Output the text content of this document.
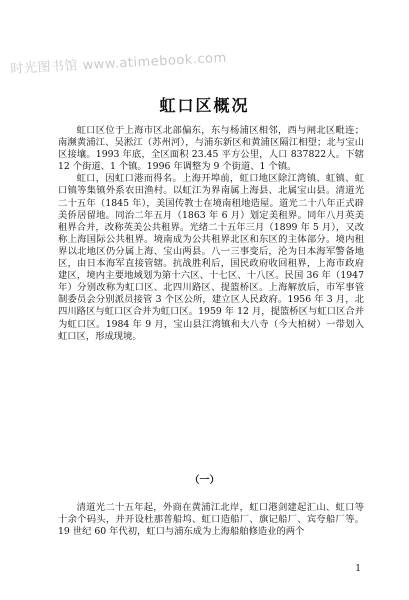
时光图书馆 www.atimebook.com
虹口区概况

虹口区位于上海市区北部偏东，东与杨浦区相邻，西与闸北区毗连；南濒黄浦江、吴淞江（苏州河），与浦东新区和黄浦区隔江相望；北与宝山区接壤。1993 年底，全区面积 23.45 平方公里，人口 837822人。下辖 12 个街道、1 个镇。1996 年调整为 9 个街道、1 个镇。

虹口，因虹口港而得名。上海开埠前，虹口地区除江湾镇、虹镇、虹口镇等集镇外系农田渔村。以虹江为界南属上海县、北属宝山县。清道光二十五年（1845 年），美国传教士在境南租地造屋。道光二十八年正式辟美侨居留地。同治二年五月（1863 年 6 月）划定美租界。同年八月英美租界合并，改称英美公共租界。光绪二十五年三月（1899 年 5 月），又改称上海国际公共租界。境南成为公共租界北区和东区的主体部分。境内租界以北地区仍分属上海、宝山两县。八一三事变后，沦为日本海军警备地区，由日本海军直接管辖。抗战胜利后，国民政府收回租界，上海市政府建区，境内主要地域划为第十六区、十七区、十八区。民国 36 年（1947 年）分别改称为虹口区、北四川路区、提篮桥区。上海解放后，市军事管制委员会分别派员接管 3 个区公所，建立区人民政府。1956 年 3 月，北四川路区与虹口区合并为虹口区。1959 年 12 月，提篮桥区与虹口区合并为虹口区。1984 年 9 月，宝山县江湾镇和大八寺（今大柏树）一带划入虹口区，形成现境。

（一）

清道光二十五年起，外商在黄浦江北岸，虹口港剑建起汇山、虹口等十余个码头，并开设杜那普船坞、虹口造船厂、旗记船厂、宾夸船厂等。19 世纪 60 年代初，虹口与浦东成为上海船舶修造业的两个

1
